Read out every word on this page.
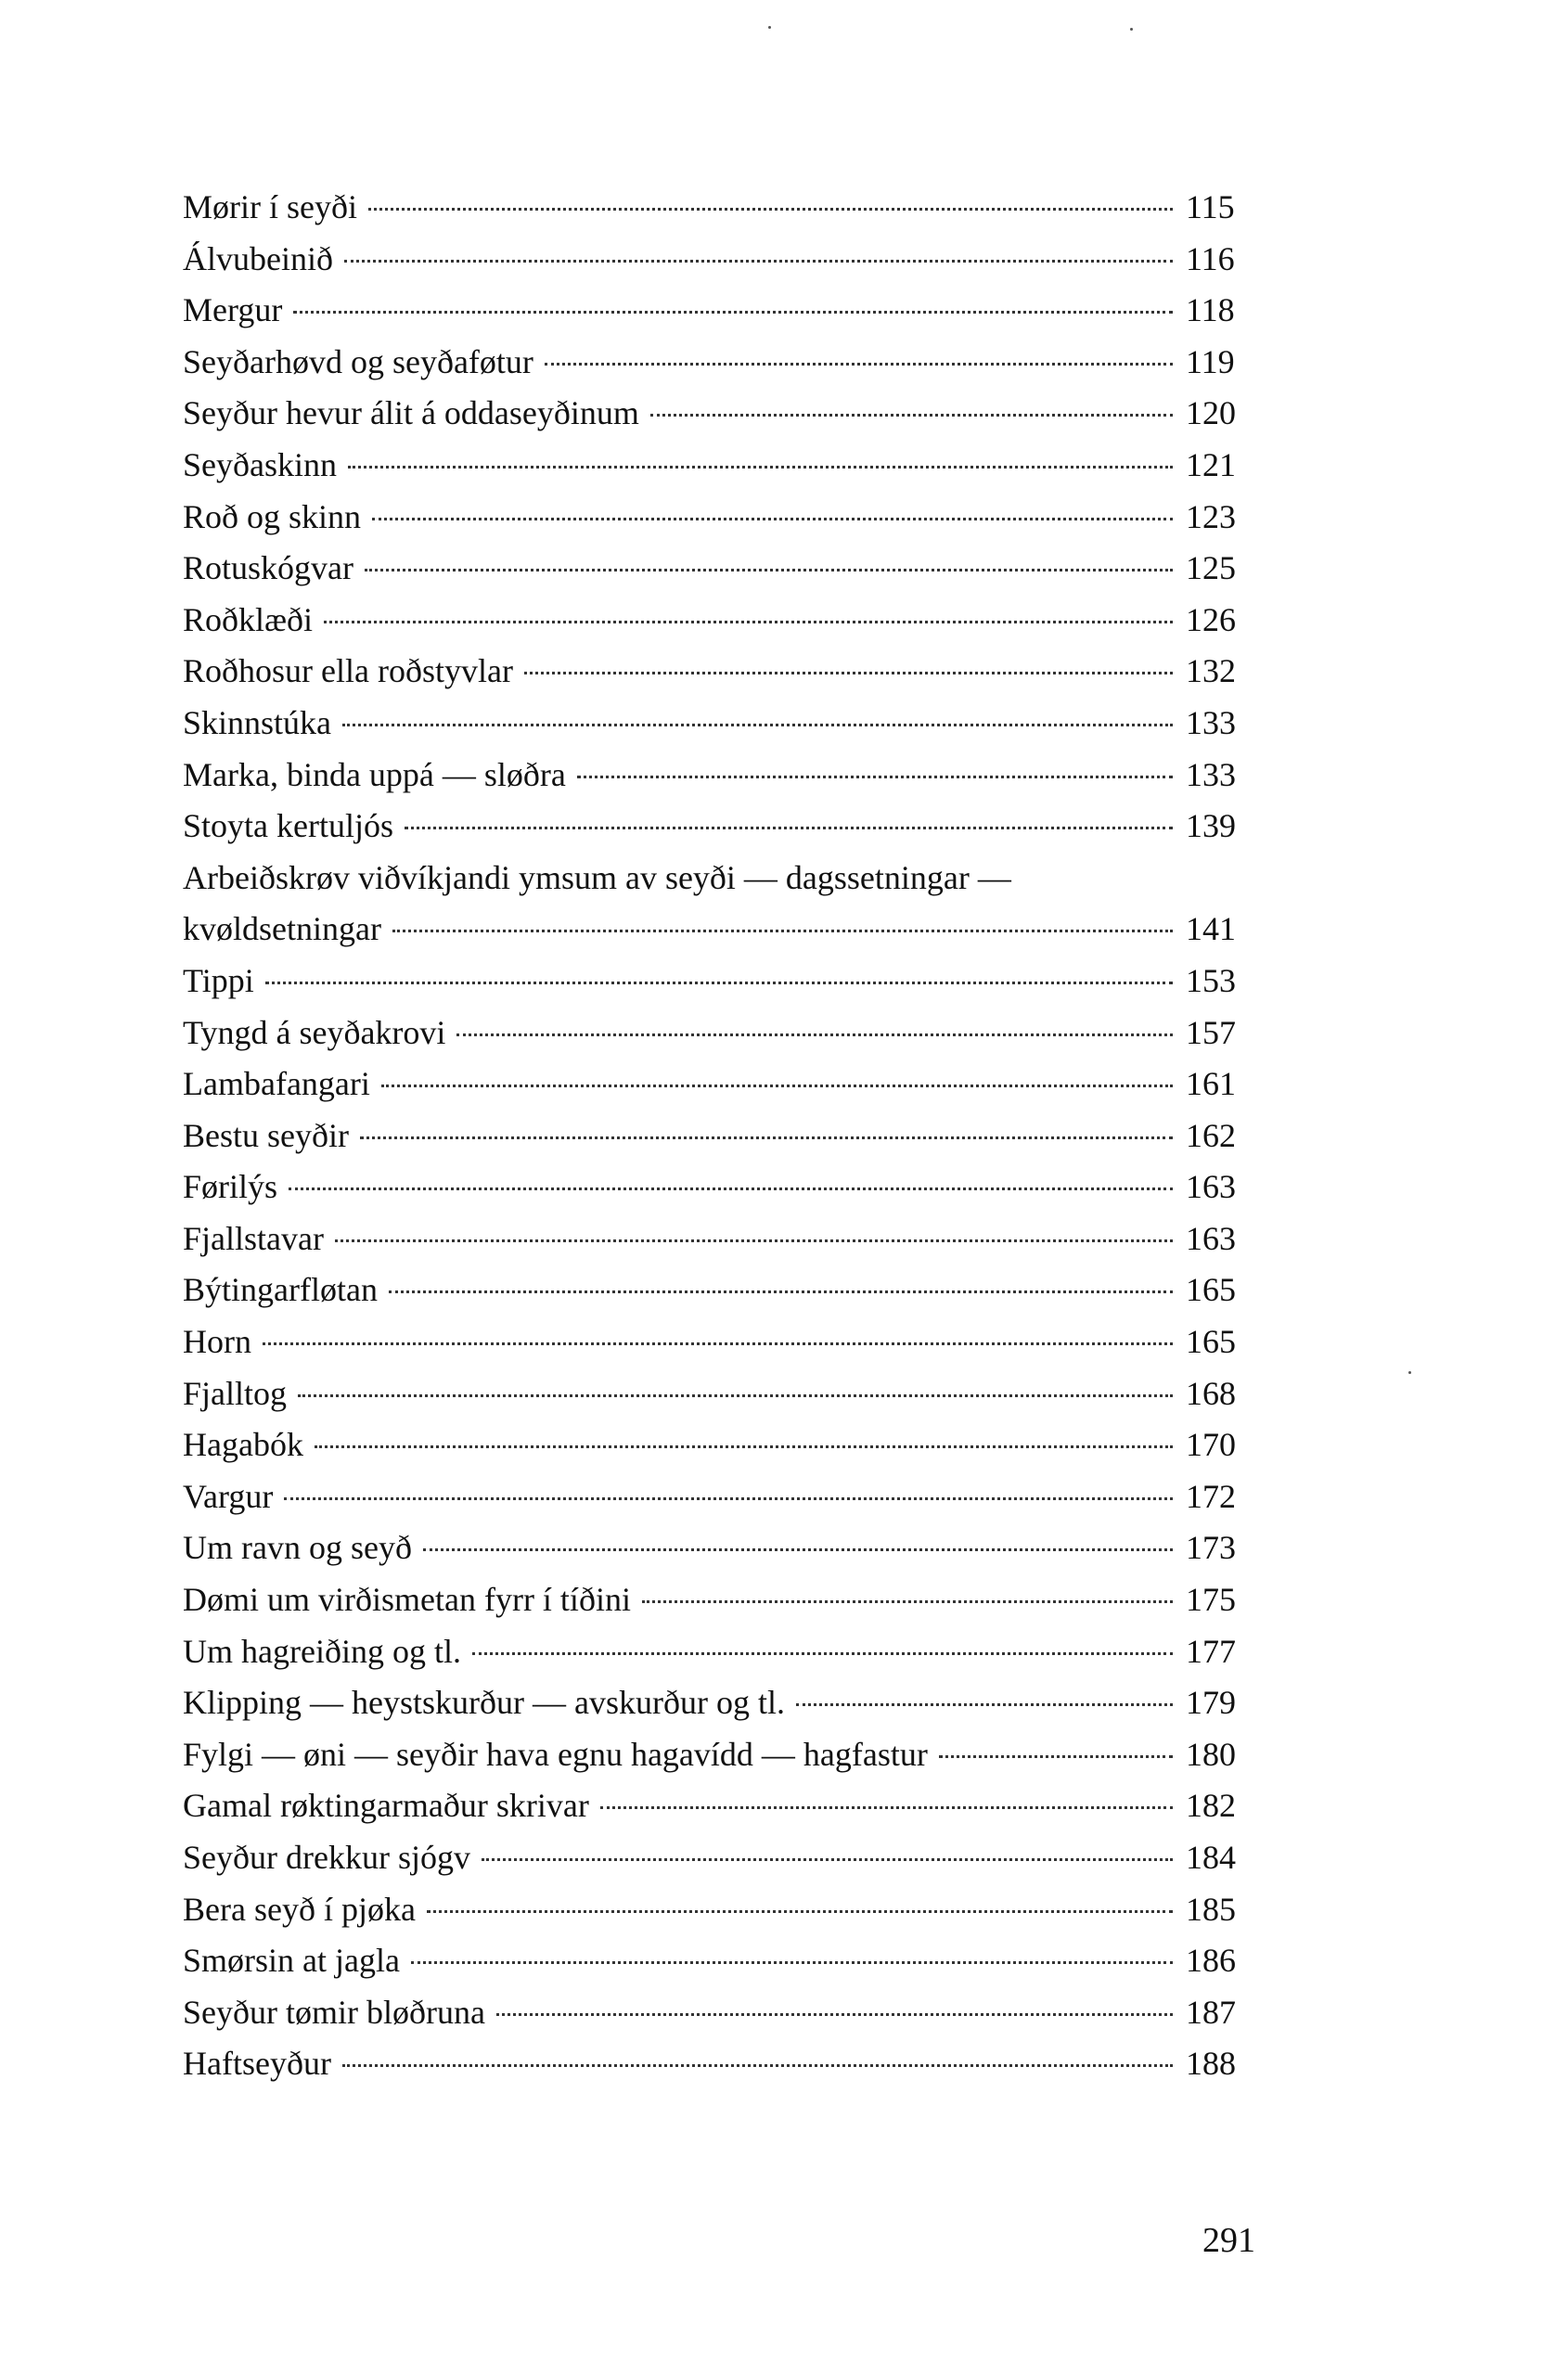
Mørir í seyði	115
Álvubeinið	116
Mergur	118
Seyðarhøvd og seyðaføtur	119
Seyður hevur álit á oddaseyðinum	120
Seyðaskinn	121
Roð og skinn	123
Rotuskógvar	125
Roðklæði	126
Roðhosur ella roðstyvlar	132
Skinnstúka	133
Marka, binda uppá — sløðra	133
Stoyta kertuljós	139
Arbeiðskrøv viðvíkjandi ymsum av seyði — dagssetningar —
kvøldsetningar	141
Tippi	153
Tyngd á seyðakrovi	157
Lambafangari	161
Bestu seyðir	162
Førilýs	163
Fjallstavar	163
Býtingarfløtan	165
Horn	165
Fjalltog	168
Hagabók	170
Vargur	172
Um ravn og seyð	173
Dømi um virðismetan fyrr í tíðini	175
Um hagreiðing og tl.	177
Klipping — heystskurður — avskurður og tl.	179
Fylgi — øni — seyðir hava egnu hagavídd — hagfastur	180
Gamal røktingarmaður skrivar	182
Seyður drekkur sjógv	184
Bera seyð í pjøka	185
Smørsin at jagla	186
Seyður tømir bløðruna	187
Haftseyður	188
291
